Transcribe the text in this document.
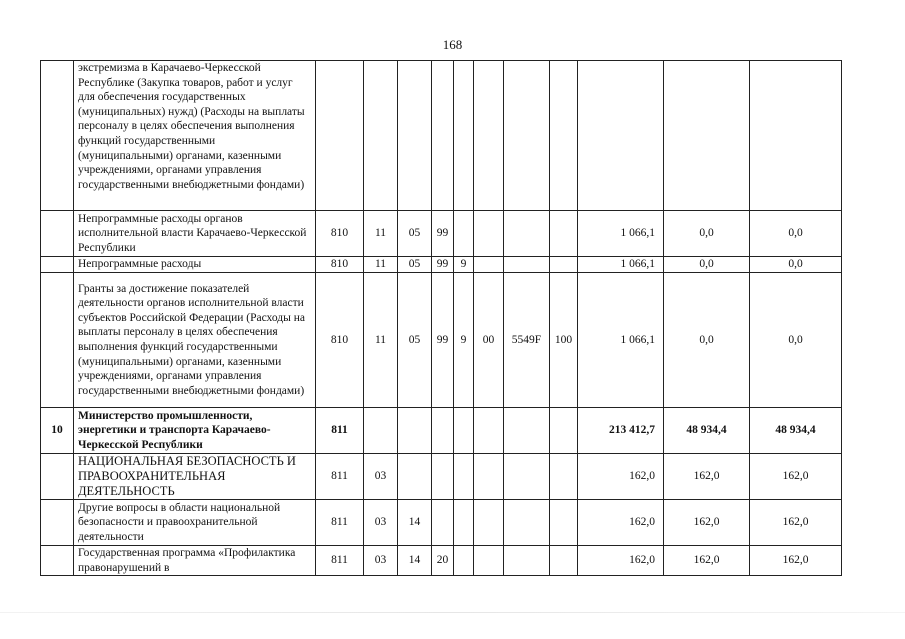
168
	экстремизма в Карачаево-Черкесской Республике (Закупка товаров, работ и услуг для обеспечения государственных (муниципальных) нужд) (Расходы на выплаты персоналу в целях обеспечения выполнения функций государственными (муниципальными) органами, казенными учреждениями, органами управления государственными внебюджетными фондами)											
	Непрограммные расходы органов исполнительной власти Карачаево-Черкесской Республики	810	11	05	99					1 066,1	0,0	0,0
	Непрограммные расходы	810	11	05	99	9				1 066,1	0,0	0,0
	Гранты за достижение показателей деятельности органов исполнительной власти субъектов Российской Федерации (Расходы на выплаты персоналу в целях обеспечения выполнения функций государственными (муниципальными) органами, казенными учреждениями, органами управления государственными внебюджетными фондами)	810	11	05	99	9	00	5549F	100	1 066,1	0,0	0,0
10	Министерство промышленности, энергетики и транспорта Карачаево-Черкесской Республики	811								213 412,7	48 934,4	48 934,4
	НАЦИОНАЛЬНАЯ БЕЗОПАСНОСТЬ И ПРАВООХРАНИТЕЛЬНАЯ ДЕЯТЕЛЬНОСТЬ	811	03							162,0	162,0	162,0
	Другие вопросы в области национальной безопасности и правоохранительной деятельности	811	03	14						162,0	162,0	162,0
	Государственная программа «Профилактика правонарушений в	811	03	14	20					162,0	162,0	162,0
